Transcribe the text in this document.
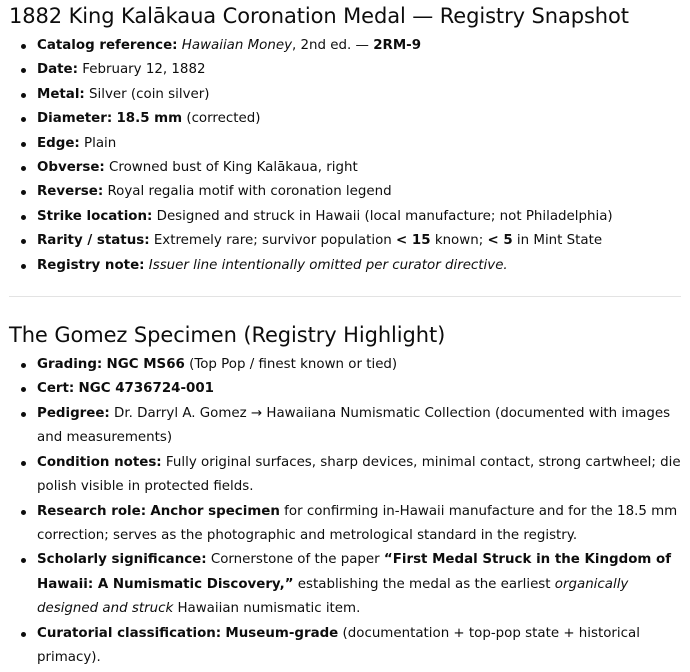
1882 King Kalākaua Coronation Medal — Registry Snapshot
Catalog reference: Hawaiian Money, 2nd ed. — 2RM-9
Date: February 12, 1882
Metal: Silver (coin silver)
Diameter: 18.5 mm (corrected)
Edge: Plain
Obverse: Crowned bust of King Kalākaua, right
Reverse: Royal regalia motif with coronation legend
Strike location: Designed and struck in Hawaii (local manufacture; not Philadelphia)
Rarity / status: Extremely rare; survivor population < 15 known; < 5 in Mint State
Registry note: Issuer line intentionally omitted per curator directive.
The Gomez Specimen (Registry Highlight)
Grading: NGC MS66 (Top Pop / finest known or tied)
Cert: NGC 4736724-001
Pedigree: Dr. Darryl A. Gomez → Hawaiiana Numismatic Collection (documented with images and measurements)
Condition notes: Fully original surfaces, sharp devices, minimal contact, strong cartwheel; die polish visible in protected fields.
Research role: Anchor specimen for confirming in-Hawaii manufacture and for the 18.5 mm correction; serves as the photographic and metrological standard in the registry.
Scholarly significance: Cornerstone of the paper “First Medal Struck in the Kingdom of Hawaii: A Numismatic Discovery,” establishing the medal as the earliest organically designed and struck Hawaiian numismatic item.
Curatorial classification: Museum-grade (documentation + top-pop state + historical primacy).
